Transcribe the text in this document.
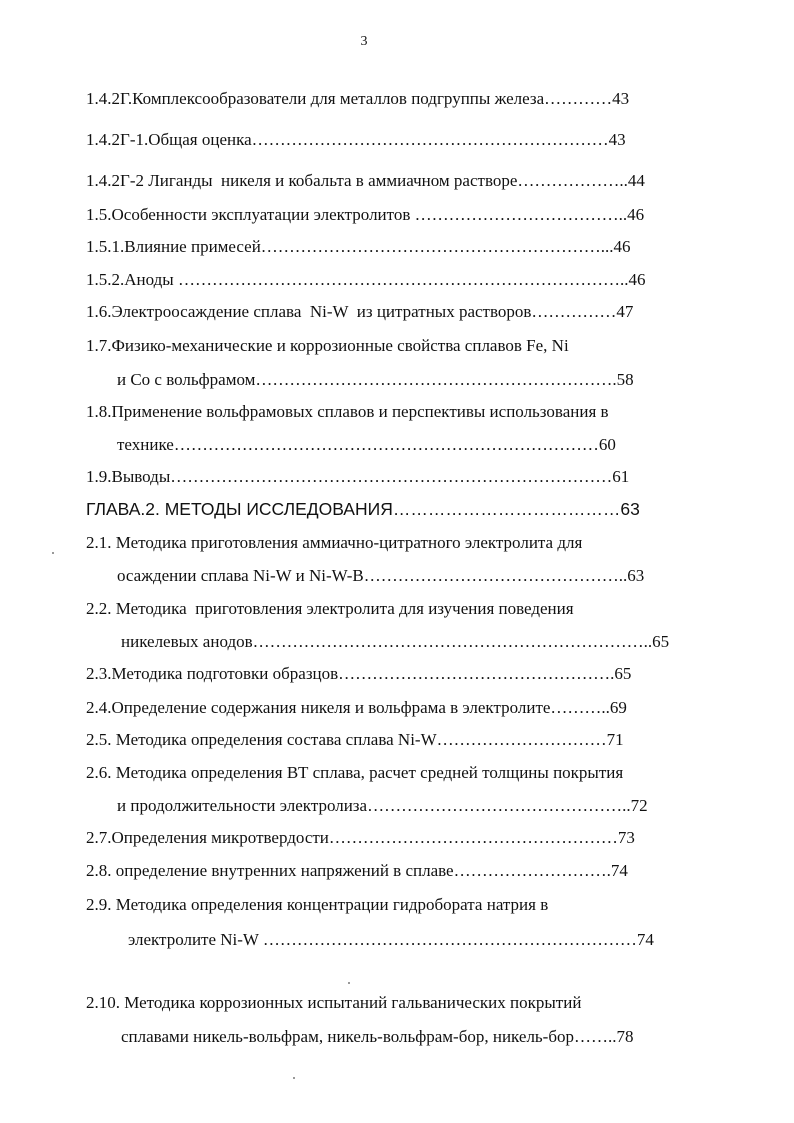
3
1.4.2Г.Комплексообразователи для металлов подгруппы железа…………43
1.4.2Г-1.Общая оценка………………………………………………………43
1.4.2Г-2 Лиганды  никеля и кобальта в аммиачном растворе………………..44
1.5.Особенности эксплуатации электролитов ………………………………..46
1.5.1.Влияние примесей……………………………………………………...46
1.5.2.Аноды ……………………………………………………………………..46
1.6.Электроосаждение сплава  Ni-W  из цитратных растворов……………47
1.7.Физико-механические и коррозионные свойства сплавов Fe, Ni
и Co с вольфрамом……………………………………………………….58
1.8.Применение вольфрамовых сплавов и перспективы использования в
технике…………………………………………………………………60
1.9.Выводы……………………………………………………………………61
ГЛАВА.2. МЕТОДЫ ИССЛЕДОВАНИЯ…………………………………63
2.1. Методика приготовления аммиачно-цитратного электролита для
осаждении сплава Ni-W и Ni-W-B………………………………………..63
2.2. Методика  приготовления электролита для изучения поведения
никелевых анодов……………………………………………………………..65
2.3.Методика подготовки образцов………………………………………….65
2.4.Определение содержания никеля и вольфрама в электролите………..69
2.5. Методика определения состава сплава Ni-W…………………………71
2.6. Методика определения ВТ сплава, расчет средней толщины покрытия
и продолжительности электролиза………………………………………..72
2.7.Определения микротвердости……………………………………………73
2.8. определение внутренних напряжений в сплаве……………………….74
2.9. Методика определения концентрации гидробората натрия в
электролите Ni-W …………………………………………………………74
2.10. Методика коррозионных испытаний гальванических покрытий
сплавами никель-вольфрам, никель-вольфрам-бор, никель-бор……..78
